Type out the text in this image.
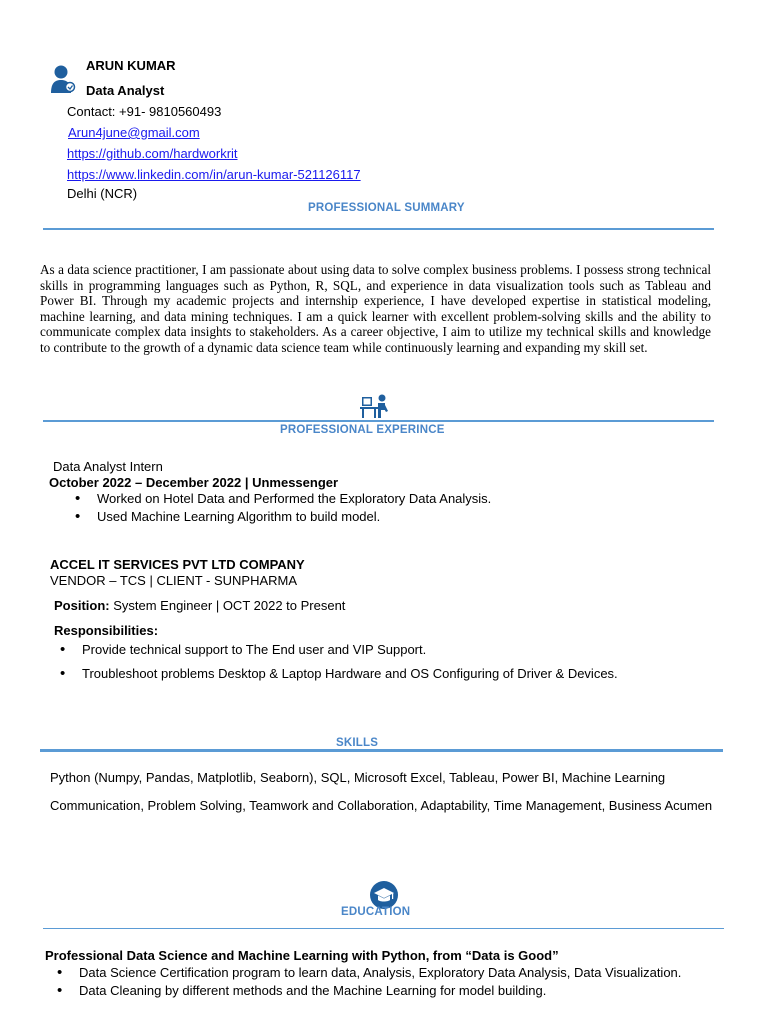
ARUN KUMAR
Data Analyst
Contact: +91- 9810560493
Arun4june@gmail.com
https://github.com/hardworkrit
https://www.linkedin.com/in/arun-kumar-521126117
Delhi (NCR)
PROFESSIONAL SUMMARY
As a data science practitioner, I am passionate about using data to solve complex business problems. I possess strong technical skills in programming languages such as Python, R, SQL, and experience in data visualization tools such as Tableau and Power BI. Through my academic projects and internship experience, I have developed expertise in statistical modeling, machine learning, and data mining techniques. I am a quick learner with excellent problem-solving skills and the ability to communicate complex data insights to stakeholders. As a career objective, I aim to utilize my technical skills and knowledge to contribute to the growth of a dynamic data science team while continuously learning and expanding my skill set.
PROFESSIONAL EXPERINCE
Data Analyst Intern
October 2022 – December 2022 | Unmessenger
• Worked on Hotel Data and Performed the Exploratory Data Analysis.
• Used Machine Learning Algorithm to build model.
ACCEL IT SERVICES PVT LTD COMPANY
VENDOR – TCS | CLIENT - SUNPHARMA
Position: System Engineer | OCT 2022 to Present
Responsibilities:
• Provide technical support to The End user and VIP Support.
• Troubleshoot problems Desktop & Laptop Hardware and OS Configuring of Driver & Devices.
SKILLS
Python (Numpy, Pandas, Matplotlib, Seaborn), SQL, Microsoft Excel, Tableau, Power BI, Machine Learning
Communication, Problem Solving, Teamwork and Collaboration, Adaptability, Time Management, Business Acumen
EDUCATION
Professional Data Science and Machine Learning with Python, from “Data is Good”
• Data Science Certification program to learn data, Analysis, Exploratory Data Analysis, Data Visualization.
• Data Cleaning by different methods and the Machine Learning for model building.
